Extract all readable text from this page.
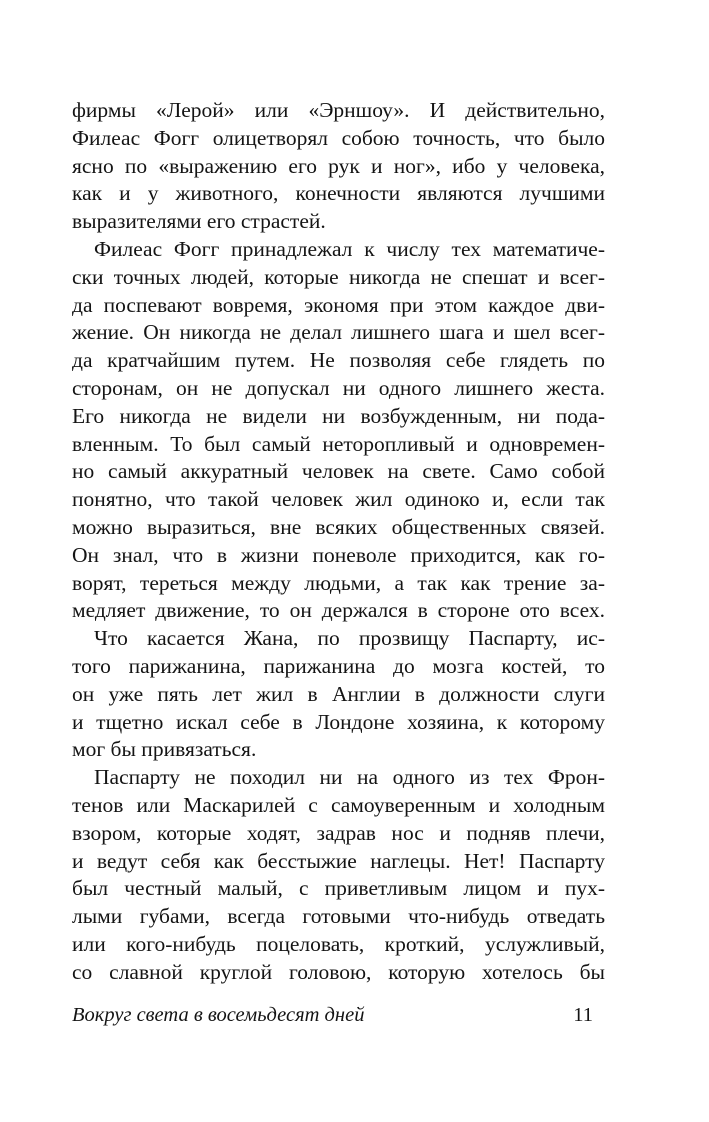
фирмы «Лерой» или «Эрншоу». И действительно,
Филеас Фогг олицетворял собою точность, что было
ясно по «выражению его рук и ног», ибо у человека,
как и у животного, конечности являются лучшими
выразителями его страстей.
Филеас Фогг принадлежал к числу тех математиче-
ски точных людей, которые никогда не спешат и всег-
да поспевают вовремя, экономя при этом каждое дви-
жение. Он никогда не делал лишнего шага и шел всег-
да кратчайшим путем. Не позволяя себе глядеть по
сторонам, он не допускал ни одного лишнего жеста.
Его никогда не видели ни возбужденным, ни пода-
вленным. То был самый неторопливый и одновремен-
но самый аккуратный человек на свете. Само собой
понятно, что такой человек жил одиноко и, если так
можно выразиться, вне всяких общественных связей.
Он знал, что в жизни поневоле приходится, как го-
ворят, тереться между людьми, а так как трение за-
медляет движение, то он держался в стороне ото всех.
Что касается Жана, по прозвищу Паспарту, ис-
того парижанина, парижанина до мозга костей, то
он уже пять лет жил в Англии в должности слуги
и тщетно искал себе в Лондоне хозяина, к которому
мог бы привязаться.
Паспарту не походил ни на одного из тех Фрон-
тенов или Маскарилей с самоуверенным и холодным
взором, которые ходят, задрав нос и подняв плечи,
и ведут себя как бесстыжие наглецы. Нет! Паспарту
был честный малый, с приветливым лицом и пух-
лыми губами, всегда готовыми что-нибудь отведать
или кого-нибудь поцеловать, кроткий, услужливый,
со славной круглой головою, которую хотелось бы
Вокруг света в восемьдесят дней	11
